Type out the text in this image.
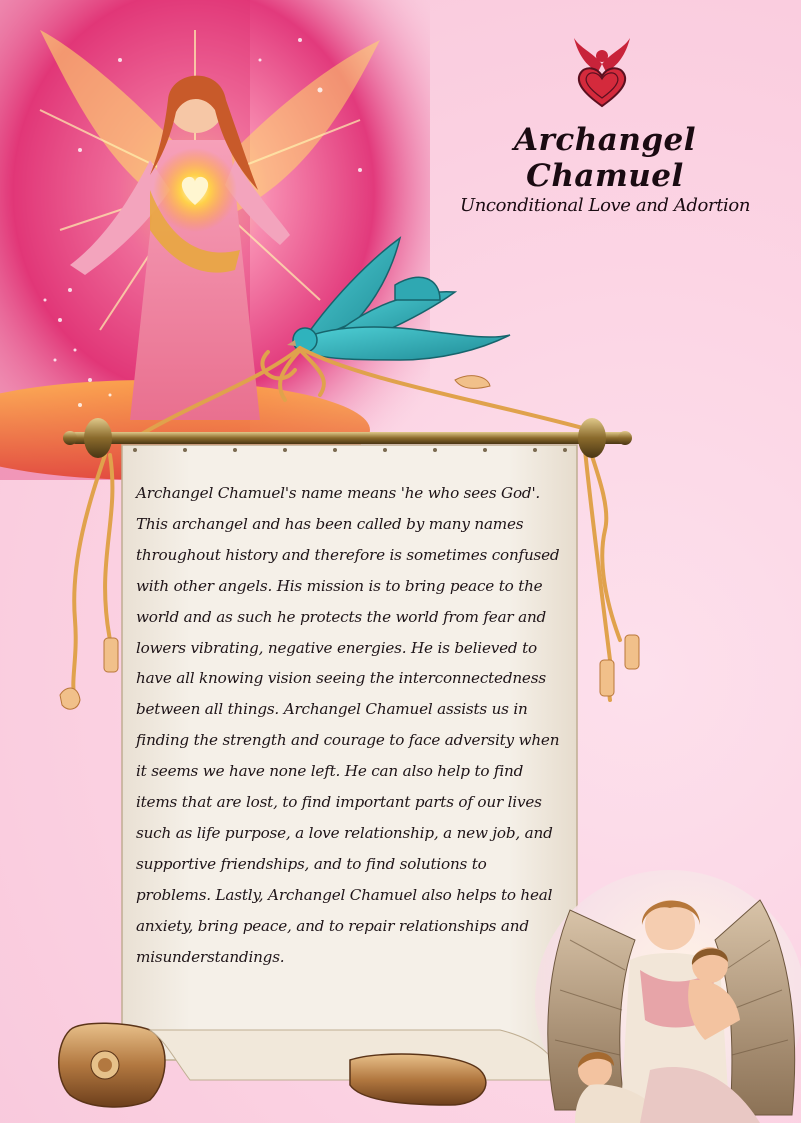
Archangel Chamuel

Unconditional Love and Adortion

Archangel Chamuel's name means 'he who sees God'. This archangel and has been called by many names throughout history and therefore is sometimes confused with other angels. His mission is to bring peace to the world and as such he protects the world from fear and lowers vibrating, negative energies. He is believed to have all knowing vision seeing the interconnectedness between all things. Archangel Chamuel assists us in finding the strength and courage to face adversity when it seems we have none left. He can also help to find items that are lost, to find important parts of our lives such as life purpose, a love relationship, a new job, and supportive friendships, and to find solutions to problems. Lastly, Archangel Chamuel also helps to heal anxiety, bring peace, and to repair relationships and misunderstandings.
